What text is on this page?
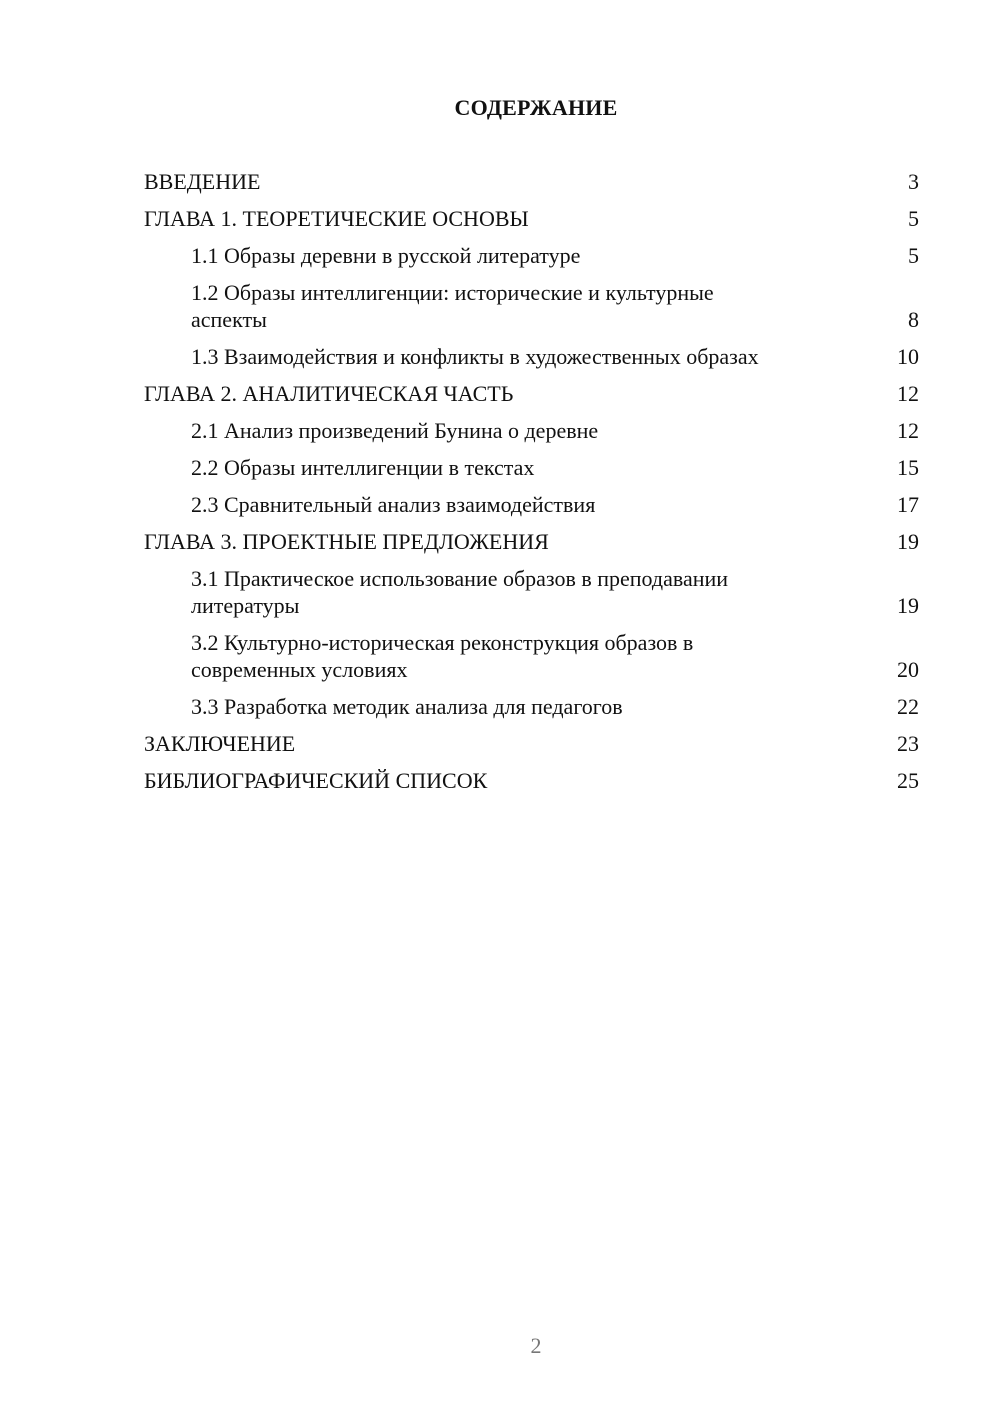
СОДЕРЖАНИЕ
ВВЕДЕНИЕ	3
ГЛАВА 1. ТЕОРЕТИЧЕСКИЕ ОСНОВЫ	5
1.1 Образы деревни в русской литературе	5
1.2 Образы интеллигенции: исторические и культурные аспекты	8
1.3 Взаимодействия и конфликты в художественных образах	10
ГЛАВА 2. АНАЛИТИЧЕСКАЯ ЧАСТЬ	12
2.1 Анализ произведений Бунина о деревне	12
2.2 Образы интеллигенции в текстах	15
2.3 Сравнительный анализ взаимодействия	17
ГЛАВА 3. ПРОЕКТНЫЕ ПРЕДЛОЖЕНИЯ	19
3.1 Практическое использование образов в преподавании литературы	19
3.2 Культурно-историческая реконструкция образов в современных условиях	20
3.3 Разработка методик анализа для педагогов	22
ЗАКЛЮЧЕНИЕ	23
БИБЛИОГРАФИЧЕСКИЙ СПИСОК	25
2
